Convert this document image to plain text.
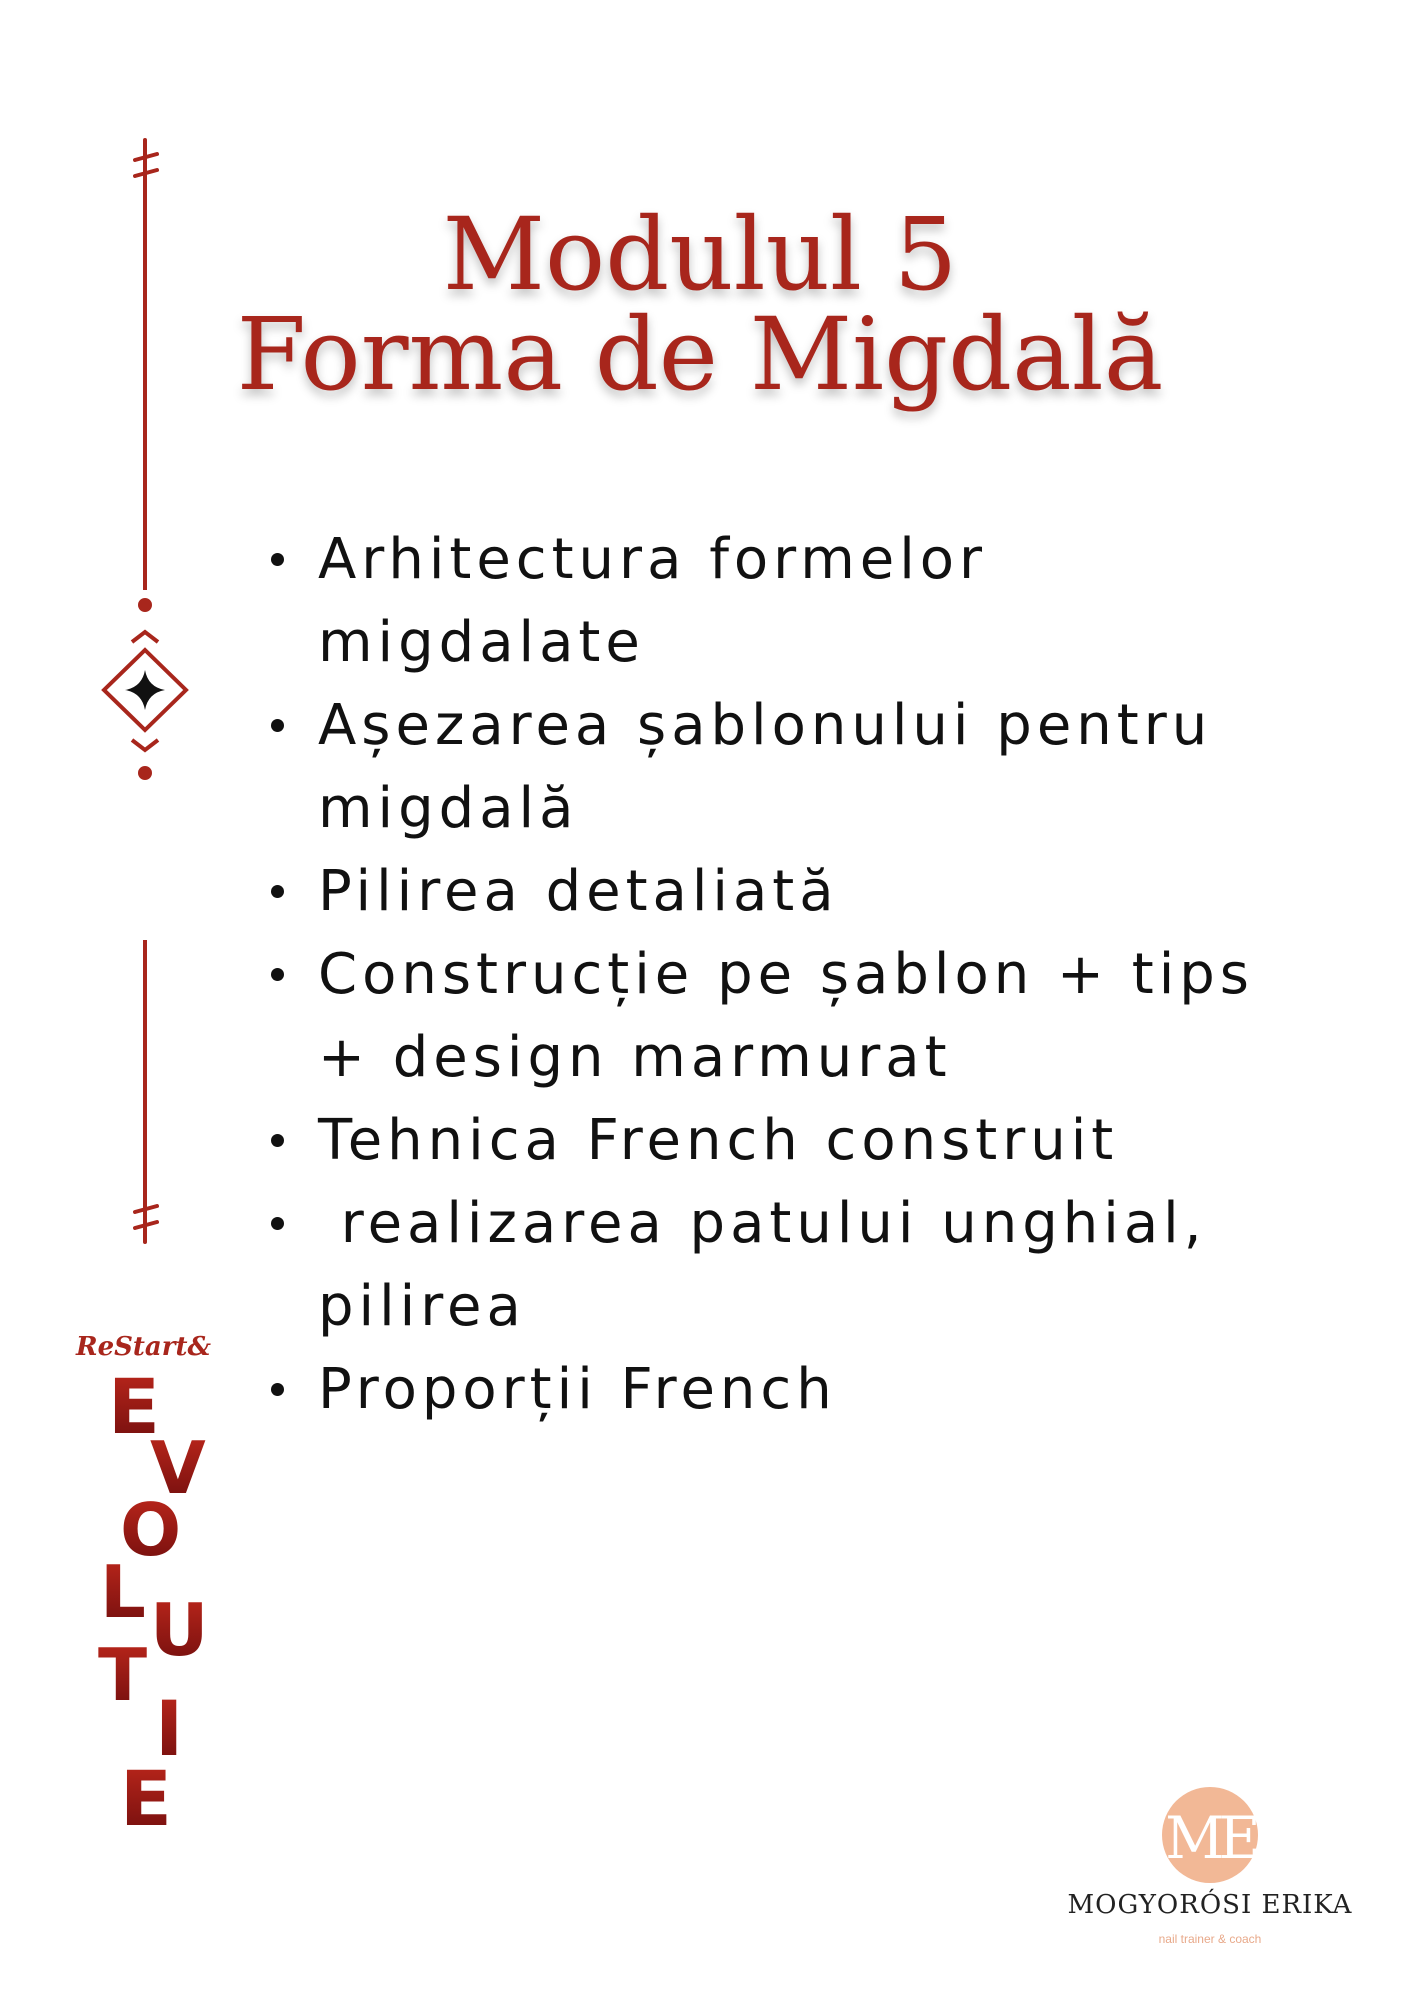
Modulul 5
Forma de Migdală
Arhitectura formelor
migdalate
Așezarea șablonului pentru
migdală
Pilirea detaliată
Construcție pe șablon + tips
+ design marmurat
Tehnica French construit
realizarea patului unghial,
pilirea
Proporții French
ReStart&
E
V
O
L U
T
I
E	ME
MOGYORÓSI ERIKA
nail trainer & coach
